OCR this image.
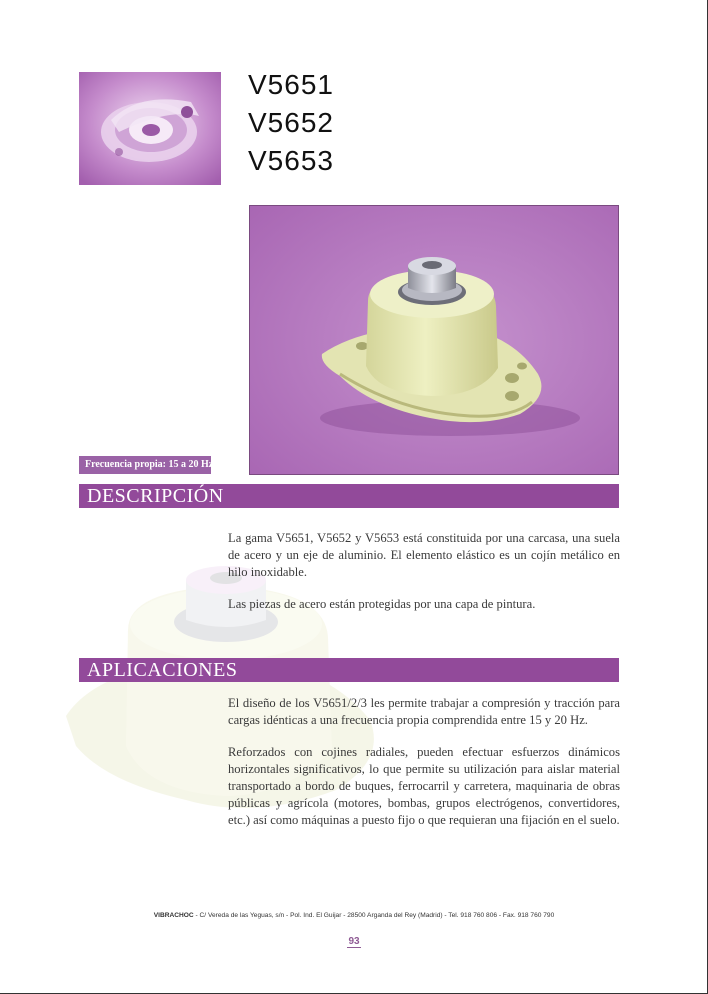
V5651
V5652
V5653
Frecuencia propia: 15 a 20 Hz
DESCRIPCIÓN

La gama V5651, V5652 y V5653 está constituida por una carcasa, una suela de acero y un eje de aluminio. El elemento elástico es un cojín metálico en hilo inoxidable.

Las piezas de acero están protegidas por una capa de pintura.

APLICACIONES

El diseño de los V5651/2/3 les permite trabajar a compresión y tracción para cargas idénticas a una frecuencia propia comprendida entre 15 y 20 Hz.

Reforzados con cojines radiales, pueden efectuar esfuerzos dinámicos horizontales significativos, lo que permite su utilización para aislar material transportado a bordo de buques, ferrocarril y carretera, maquinaria de obras públicas y agrícola (motores, bombas, grupos electrógenos, convertidores, etc.) así como máquinas a puesto fijo o que requieran una fijación en el suelo.

VIBRACHOC - C/ Vereda de las Yeguas, s/n - Pol. Ind. El Guijar - 28500 Arganda del Rey (Madrid) - Tel. 918 760 806 - Fax. 918 760 790
93
